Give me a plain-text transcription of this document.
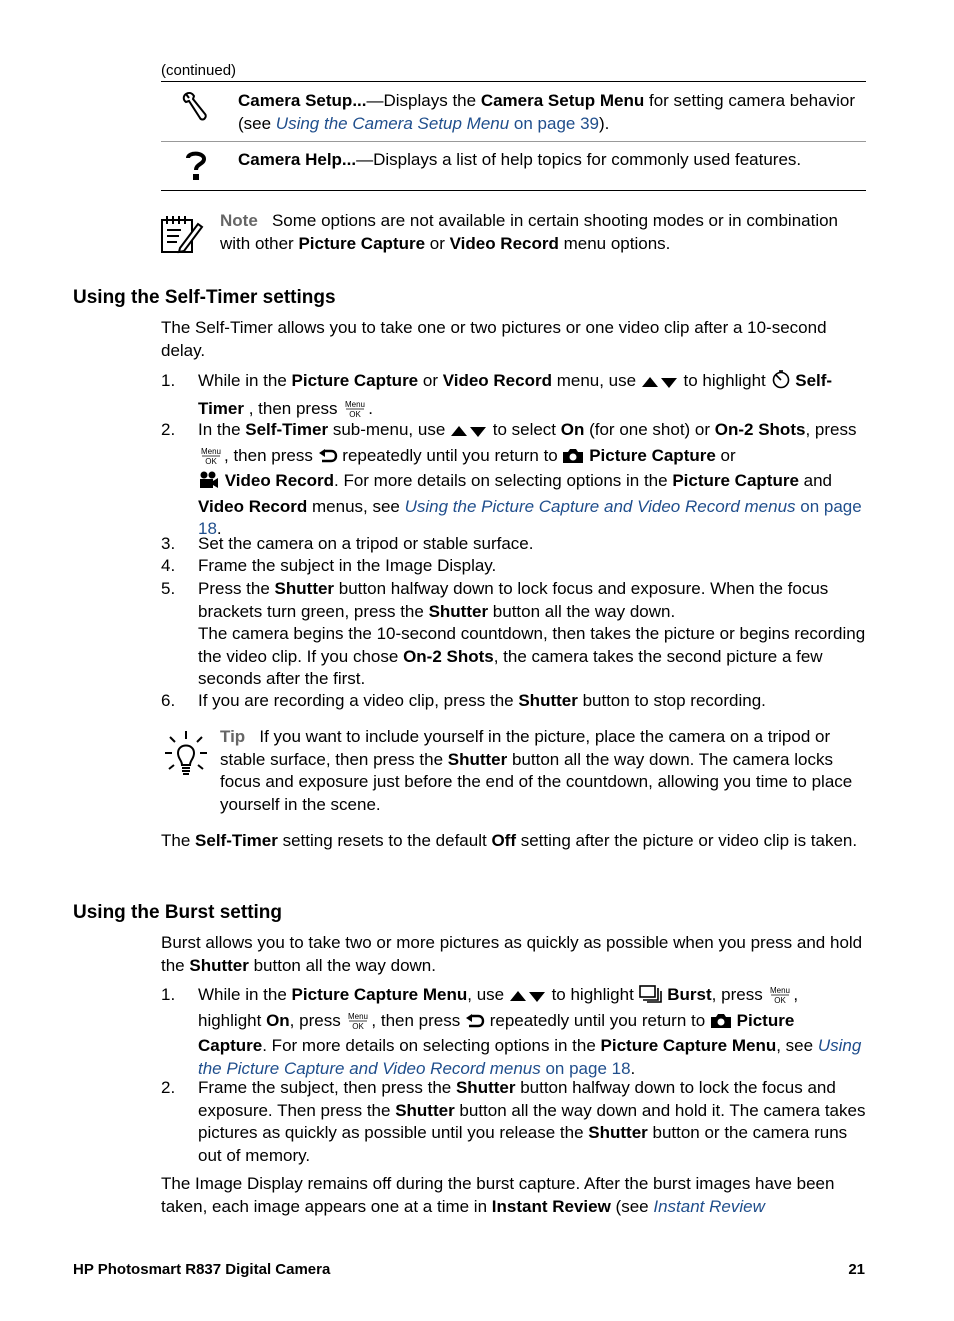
(continued)
Camera Setup...—Displays the Camera Setup Menu for setting camera behavior (see Using the Camera Setup Menu on page 39).
Camera Help...—Displays a list of help topics for commonly used features.
Note Some options are not available in certain shooting modes or in combination with other Picture Capture or Video Record menu options.
Using the Self-Timer settings
The Self-Timer allows you to take one or two pictures or one video clip after a 10-second delay.
1. While in the Picture Capture or Video Record menu, use  to highlight  Self-Timer , then press Menu
OK .
2. In the Self-Timer sub-menu, use  to select On (for one shot) or On-2 Shots, press
Menu
OK , then press  repeatedly until you return to  Picture Capture or
Video Record. For more details on selecting options in the Picture Capture and Video Record menus, see Using the Picture Capture and Video Record menus on page 18.
3. Set the camera on a tripod or stable surface.
4. Frame the subject in the Image Display.
5. Press the Shutter button halfway down to lock focus and exposure. When the focus brackets turn green, press the Shutter button all the way down.
The camera begins the 10-second countdown, then takes the picture or begins recording the video clip. If you chose On-2 Shots, the camera takes the second picture a few seconds after the first.
6. If you are recording a video clip, press the Shutter button to stop recording.
Tip If you want to include yourself in the picture, place the camera on a tripod or stable surface, then press the Shutter button all the way down. The camera locks focus and exposure just before the end of the countdown, allowing you time to place yourself in the scene.
The Self-Timer setting resets to the default Off setting after the picture or video clip is taken.
Using the Burst setting
Burst allows you to take two or more pictures as quickly as possible when you press and hold the Shutter button all the way down.
1. While in the Picture Capture Menu, use  to highlight  Burst, press Menu
OK , highlight On, press Menu
OK , then press  repeatedly until you return to  Picture Capture. For more details on selecting options in the Picture Capture Menu, see Using the Picture Capture and Video Record menus on page 18.
2. Frame the subject, then press the Shutter button halfway down to lock the focus and exposure. Then press the Shutter button all the way down and hold it. The camera takes pictures as quickly as possible until you release the Shutter button or the camera runs out of memory.
The Image Display remains off during the burst capture. After the burst images have been taken, each image appears one at a time in Instant Review (see Instant Review
HP Photosmart R837 Digital Camera	21
